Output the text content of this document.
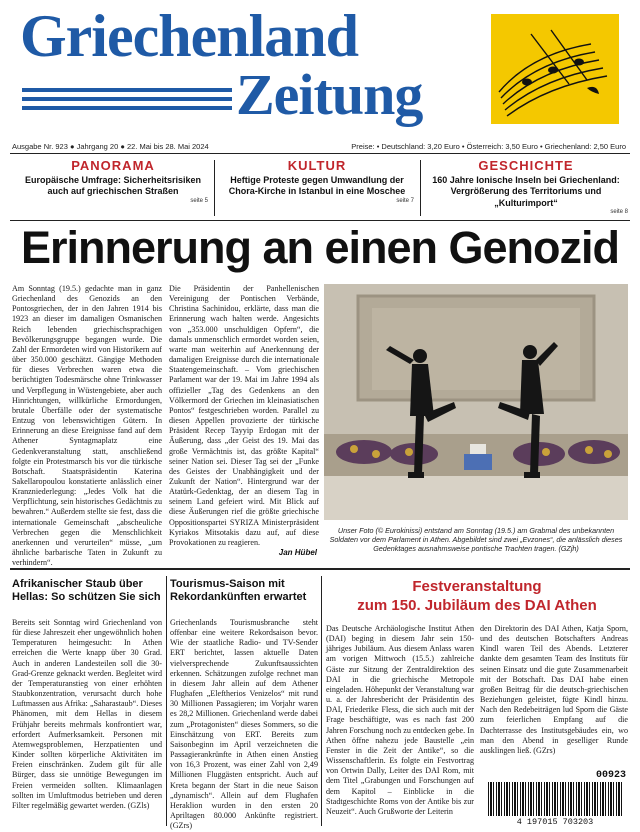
Griechenland
Zeitung
Ausgabe Nr. 923 ● Jahrgang 20 ● 22. Mai bis 28. Mai 2024	Preise: • Deutschland: 3,20 Euro • Österreich: 3,50 Euro • Griechenland: 2,50 Euro
PANORAMA
Europäische Umfrage: Sicherheitsrisiken auch auf griechischen Straßen
seite 5
KULTUR
Heftige Proteste gegen Umwandlung der Chora-Kirche in Istanbul in eine Moschee
seite 7
GESCHICHTE
160 Jahre Ionische Inseln bei Griechenland: Vergrößerung des Territoriums und „Kulturimport“
seite 8
Erinnerung an einen Genozid
Am Sonntag (19.5.) gedachte man in ganz Griechenland des Genozids an den Pontosgriechen, der in den Jahren 1914 bis 1923 an dieser im damaligen Osmanischen Reich lebenden griechischsprachigen Bevölkerungsgruppe begangen wurde. Die Zahl der Ermordeten wird von Historikern auf über 350.000 geschätzt. Gängige Methoden für dieses Verbrechen waren etwa die berüchtigten Todesmärsche ohne Trinkwasser und Verpflegung in Wüstengebiete, aber auch Hinrichtungen, willkürliche Ermordungen, brutale Überfälle oder der systematische Entzug von lebenswichtigen Gütern. In Erinnerung an diese Ereignisse fand auf dem Athener Syntagmaplatz eine Gedenkveranstaltung statt, anschließend folgte ein Protestmarsch bis vor die türkische Botschaft. Staatspräsidentin Katerina Sakellaropoulou konstatierte anlässlich einer Kranzniederlegung: „Jedes Volk hat die Verpflichtung, sein historisches Gedächtnis zu bewahren.“ Außerdem stellte sie fest, dass die internationale Gemeinschaft „abscheuliche Verbrechen gegen die Menschlichkeit anerkennen und verurteilen“ müsse, „um ähnliche barbarische Taten in Zukunft zu verhindern“.
Die Präsidentin der Panhellenischen Vereinigung der Pontischen Verbände, Christina Sachinidou, erklärte, dass man die Erinnerung wach halten werde. Angesichts von „353.000 unschuldigen Opfern“, die damals unmenschlich ermordet worden seien, warte man weiterhin auf Anerkennung der damaligen Ereignisse durch die internationale Staatengemeinschaft. – Vom griechischen Parlament war der 19. Mai im Jahre 1994 als offizieller „Tag des Gedenkens an den Völkermord der Griechen im kleinasiatischen Pontos“ festgeschrieben worden. Parallel zu diesen Appellen provozierte der türkische Präsident Recep Tayyip Erdogan mit der Äußerung, dass „der Geist des 19. Mai das große Vermächtnis ist, das größte Kapital“ seiner Nation sei. Dieser Tag sei der „Funke des Geistes der Unabhängigkeit und der Zukunft der Nation“. Hintergrund war der Atatürk-Gedenktag, der an diesem Tag in seinem Land gefeiert wird. Mit Blick auf diese Äußerungen rief die größte griechische Oppositionspartei SYRIZA Ministerpräsident Kyriakos Mitsotakis dazu auf, auf diese Provokationen zu reagieren.
Jan Hübel
Unser Foto (© Eurokinissi) entstand am Sonntag (19.5.) am Grabmal des unbekannten Soldaten vor dem Parlament in Athen. Abgebildet sind zwei „Evzones“, die anlässlich dieses Gedenktages ausnahmsweise pontische Trachten tragen. (GZjh)
Afrikanischer Staub über Hellas: So schützen Sie sich
Bereits seit Sonntag wird Griechenland von für diese Jahreszeit eher ungewöhnlich hohen Temperaturen heimgesucht: In Athen erreichen die Werte knapp über 30 Grad. Auch in anderen Landesteilen soll die 30-Grad-Grenze geknackt werden. Begleitet wird der Temperaturanstieg von einer erhöhten Staubkonzentration, verursacht durch hohe Luftmassen aus Afrika: „Saharastaub“. Dieses Phänomen, mit dem Hellas in diesem Frühjahr bereits mehrmals konfrontiert war, erfordert Aufmerksamkeit. Personen mit Atemwegsproblemen, Herzpatienten und Kinder sollten körperliche Aktivitäten im Freien einschränken. Zudem gilt für alle Bürger, dass sie unnötige Bewegungen im Freien vermeiden sollten. Klimaanlagen sollten im Umluftmodus betrieben und deren Filter regelmäßig gewartet werden. (GZls)
Tourismus-Saison mit Rekordankünften erwartet
Griechenlands Tourismusbranche steht offenbar eine weitere Rekordsaison bevor. Wie der staatliche Radio- und TV-Sender ERT berichtet, lassen aktuelle Daten vielversprechende Zukunftsaussichten erkennen. Schätzungen zufolge rechnet man in diesem Jahr allein auf dem Athener Flughafen „Eleftherios Venizelos“ mit rund 30 Millionen Passagieren; im Vorjahr waren es 28,2 Millionen. Griechenland werde dabei zum „Protagonisten“ dieses Sommers, so die Einschätzung von ERT. Bereits zum Saisonbeginn im April verzeichneten die Passagierankrünfte in Athen einen Anstieg von 16,3 Prozent, was einer Zahl von 2,49 Millionen Fluggästen entspricht. Auch auf Kreta begann der Start in die neue Saison „dynamisch“. Allein auf dem Flughafen Heraklion wurden in den ersten 20 Apriltagen 80.000 Ankünfte registriert. (GZrs)
Festveranstaltung
zum 150. Jubiläum des DAI Athen
Das Deutsche Archäologische Institut Athen (DAI) beging in diesem Jahr sein 150-jähriges Jubiläum. Aus diesem Anlass waren am vorigen Mittwoch (15.5.) zahlreiche Gäste zur Sitzung der Zentraldirektion des DAI in die griechische Metropole eingeladen. Höhepunkt der Veranstaltung war u. a. der Jahresbericht der Präsidentin des DAI, Friederike Fless, die sich auch mit der Frage beschäftigte, was es nach fast 200 Jahren Forschung noch zu entdecken gebe. In Athen öffne nahezu jede Baustelle „ein Fenster in die Zeit der Antike“, so die Wissenschaftlerin. Es folgte ein Festvortrag von Ortwin Dally, Leiter des DAI Rom, mit dem Titel „Grabungen und Forschungen auf dem Kapitol – Einblicke in die Stadtgeschichte Roms von der Antike bis zur Neuzeit“. Auch Grußworte der Leiterin
den Direktorin des DAI Athen, Katja Sporn, und des deutschen Botschafters Andreas Kindl waren Teil des Abends. Letzterer dankte dem gesamten Team des Instituts für seinen Einsatz und die gute Zusammenarbeit mit der Botschaft. Das DAI habe einen großen Beitrag für die deutsch-griechischen Beziehungen geleistet, fügte Kindl hinzu. Nach den Redebeiträgen lud Sporn die Gäste zum feierlichen Empfang auf die Dachterrasse des Institutsgebäudes ein, wo man den Abend in geselliger Runde ausklingen ließ. (GZrs)
00923
4 197015 703203
